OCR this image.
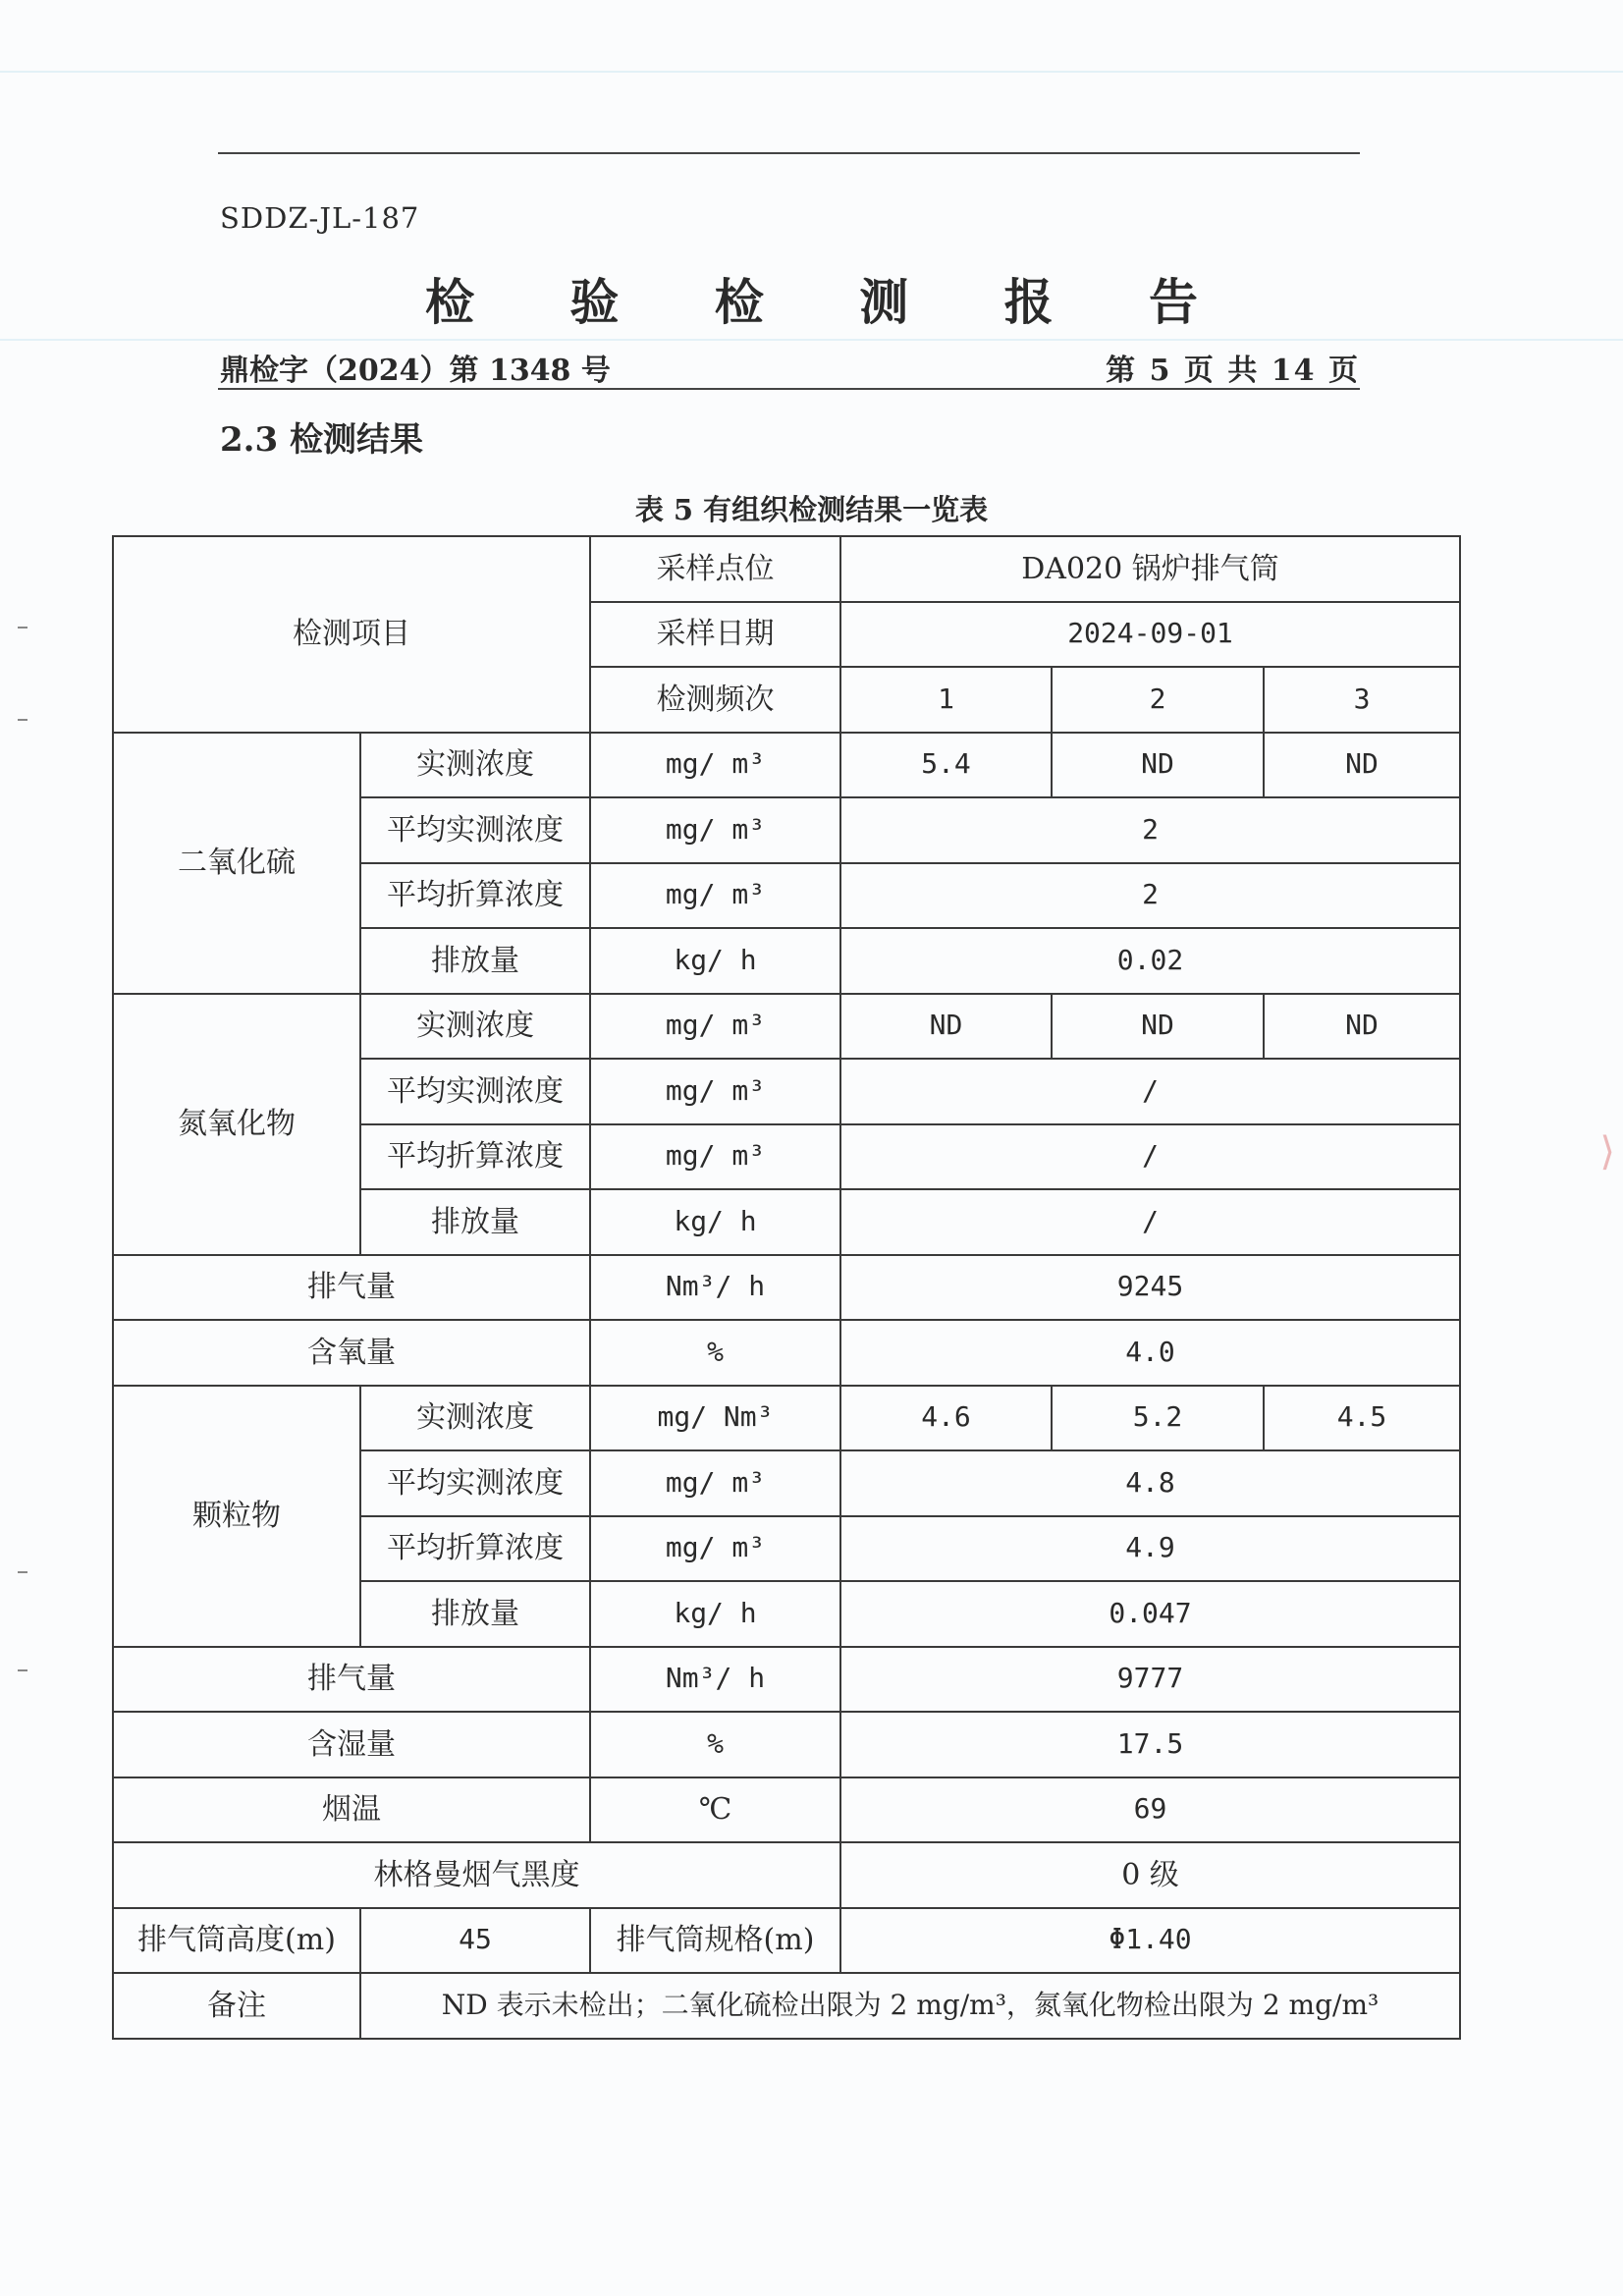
SDDZ-JL-187
检 验 检 测 报 告
鼎检字（2024）第 1348 号	第 5 页 共 14 页
2.3 检测结果
表 5 有组织检测结果一览表
检测项目		采样点位	DA020 锅炉排气筒		
		采样日期	2024-09-01		
		检测频次	1	2	3
二氧化硫	实测浓度	mg/ m³	5.4	ND	ND
	平均实测浓度	mg/ m³	2		
	平均折算浓度	mg/ m³	2		
	排放量	kg/ h	0.02		
氮氧化物	实测浓度	mg/ m³	ND	ND	ND
	平均实测浓度	mg/ m³	/		
	平均折算浓度	mg/ m³	/		
	排放量	kg/ h	/		
排气量		Nm³/ h	9245		
含氧量		%	4.0		
颗粒物	实测浓度	mg/ Nm³	4.6	5.2	4.5
	平均实测浓度	mg/ m³	4.8		
	平均折算浓度	mg/ m³	4.9		
	排放量	kg/ h	0.047		
排气量		Nm³/ h	9777		
含湿量		%	17.5		
烟温		℃	69		
林格曼烟气黑度			0 级		
排气筒高度(m)	45	排气筒规格(m)	Φ1.40		
备注	ND 表示未检出；二氧化硫检出限为 2 mg/m³，氮氧化物检出限为 2 mg/m³				
⟩
